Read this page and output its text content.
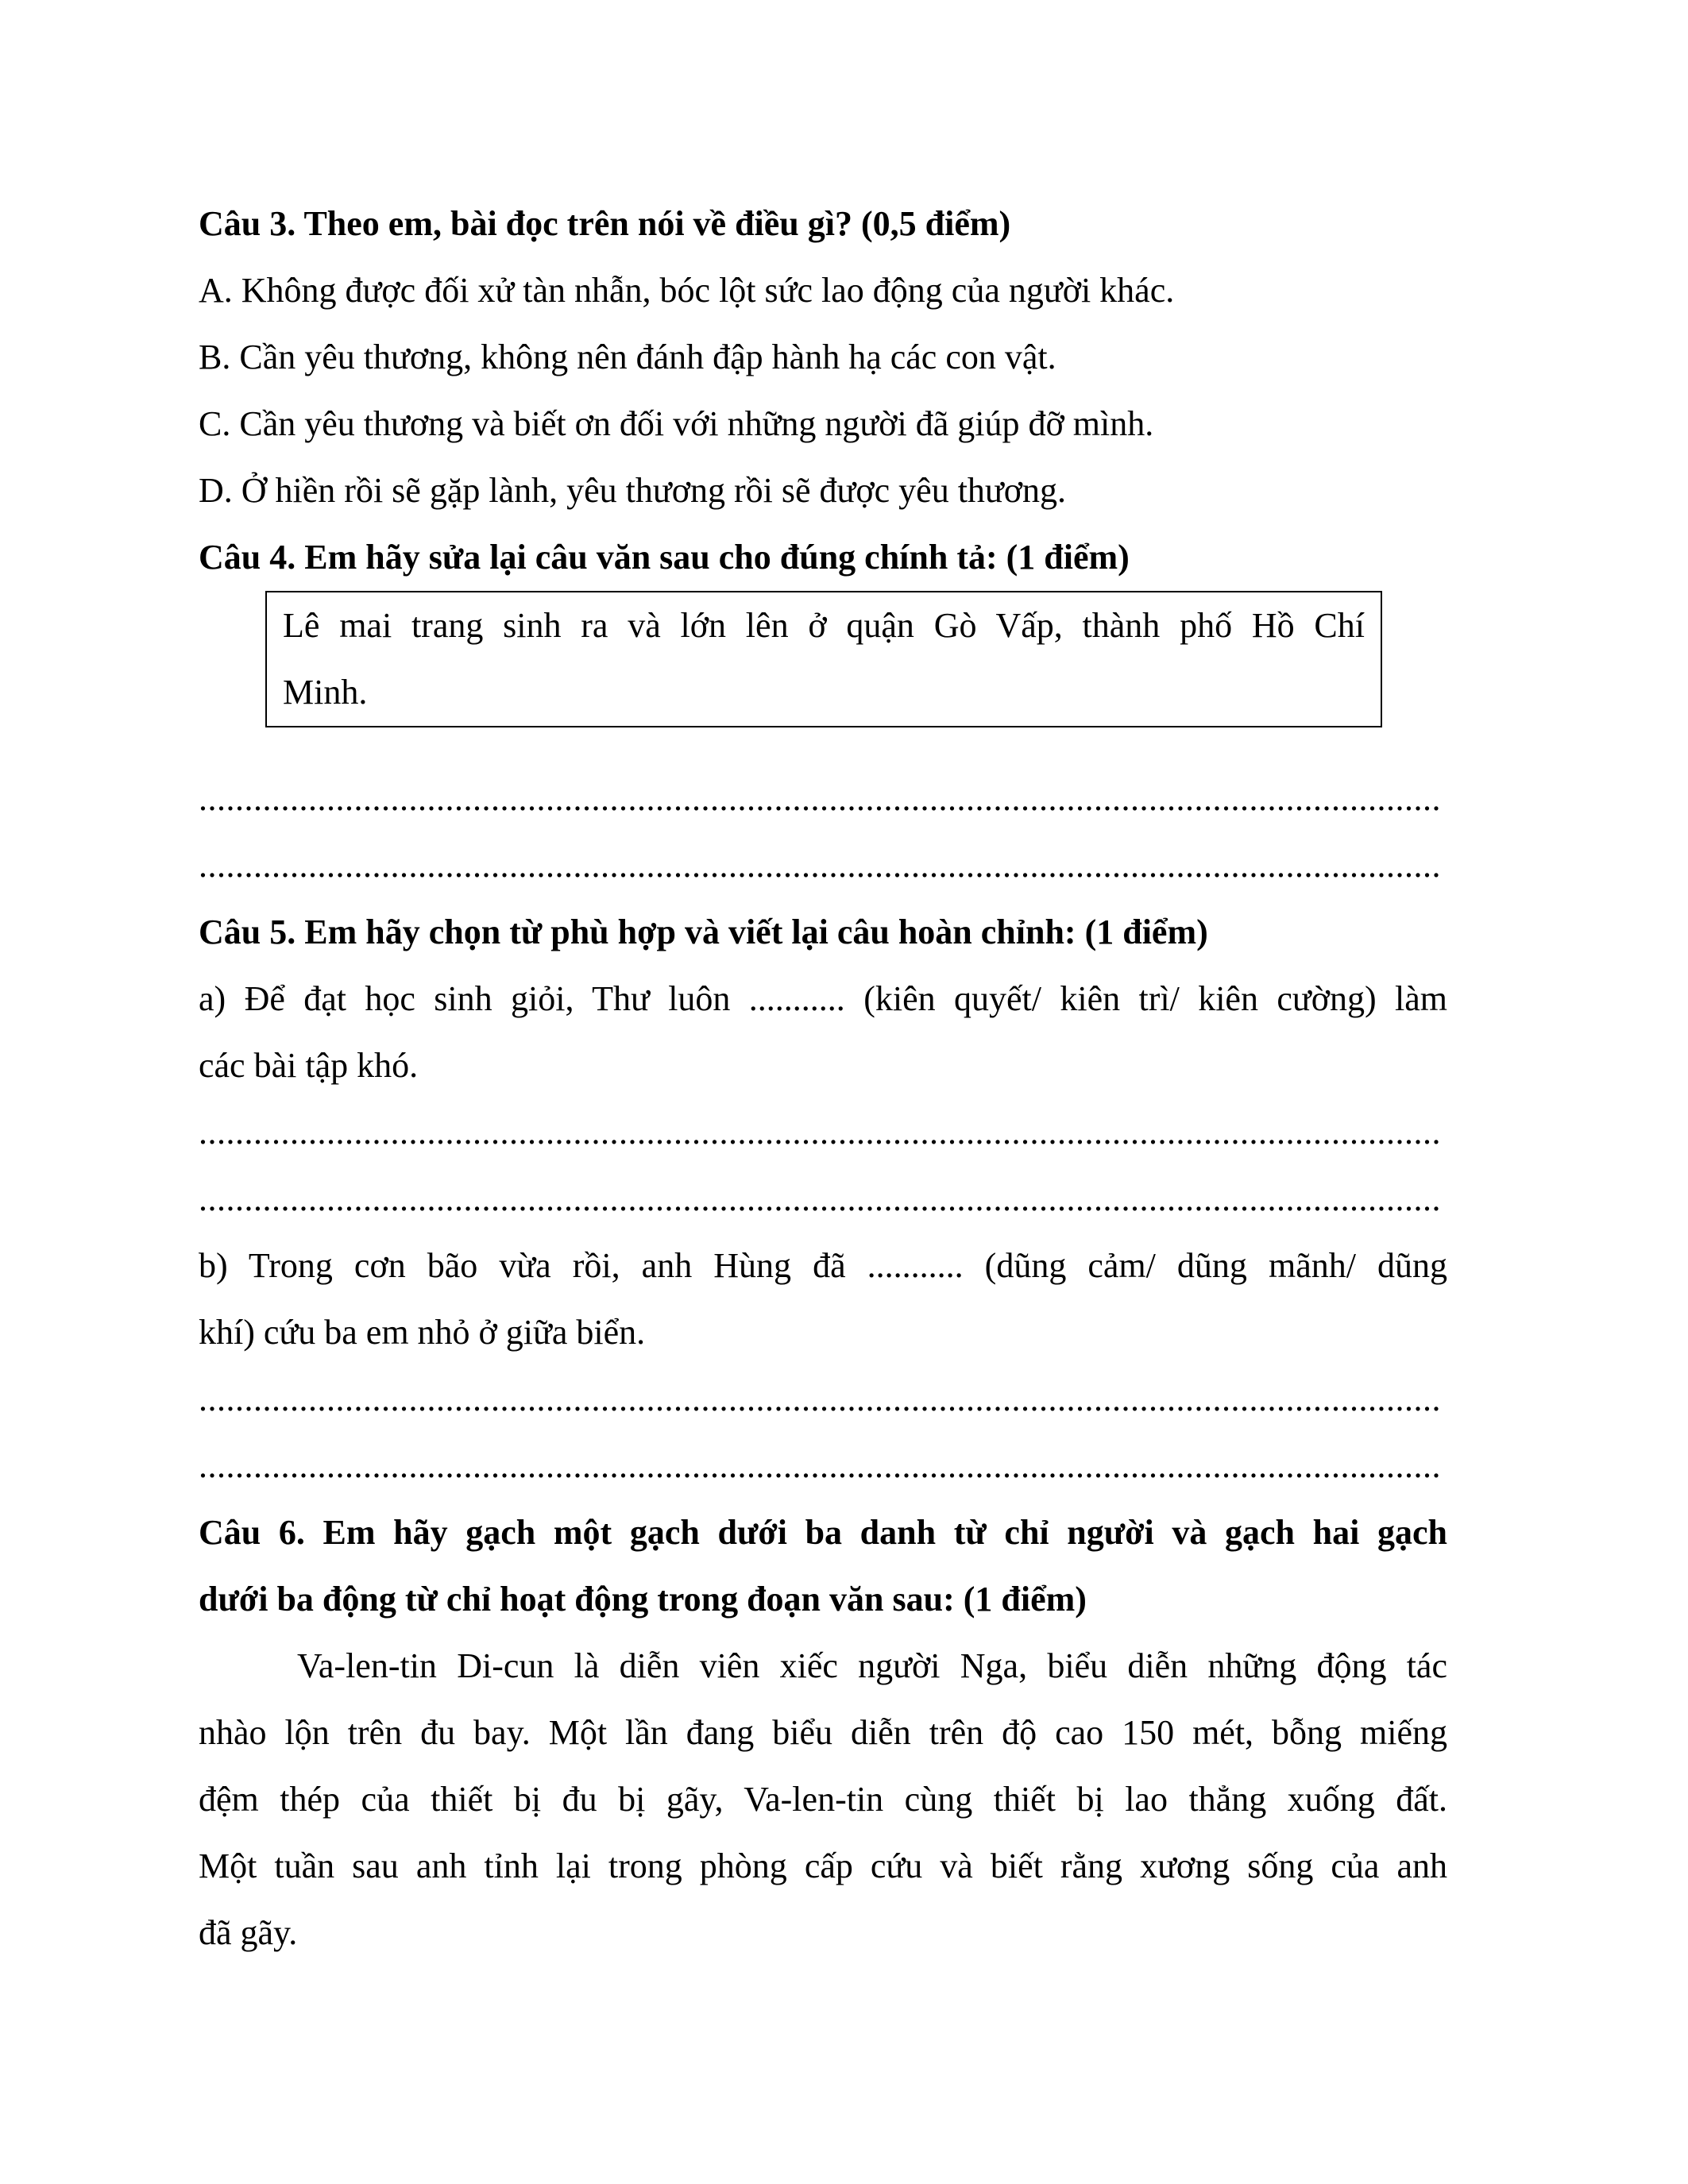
Câu 3. Theo em, bài đọc trên nói về điều gì? (0,5 điểm)
A. Không được đối xử tàn nhẫn, bóc lột sức lao động của người khác.
B. Cần yêu thương, không nên đánh đập hành hạ các con vật.
C. Cần yêu thương và biết ơn đối với những người đã giúp đỡ mình.
D. Ở hiền rồi sẽ gặp lành, yêu thương rồi sẽ được yêu thương.
Câu 4. Em hãy sửa lại câu văn sau cho đúng chính tả: (1 điểm)
Lê mai trang sinh ra và lớn lên ở quận Gò Vấp, thành phố Hồ Chí
Minh.
........................................................................................................................................
........................................................................................................................................
Câu 5. Em hãy chọn từ phù hợp và viết lại câu hoàn chỉnh: (1 điểm)
a) Để đạt học sinh giỏi, Thư luôn ........... (kiên quyết/ kiên trì/ kiên cường) làm
các bài tập khó.
........................................................................................................................................
........................................................................................................................................
b) Trong cơn bão vừa rồi, anh Hùng đã ........... (dũng cảm/ dũng mãnh/ dũng
khí) cứu ba em nhỏ ở giữa biển.
........................................................................................................................................
........................................................................................................................................
Câu 6. Em hãy gạch một gạch dưới ba danh từ chỉ người và gạch hai gạch
dưới ba động từ chỉ hoạt động trong đoạn văn sau: (1 điểm)
Va-len-tin Di-cun là diễn viên xiếc người Nga, biểu diễn những động tác
nhào lộn trên đu bay. Một lần đang biểu diễn trên độ cao 150 mét, bỗng miếng
đệm thép của thiết bị đu bị gãy, Va-len-tin cùng thiết bị lao thẳng xuống đất.
Một tuần sau anh tỉnh lại trong phòng cấp cứu và biết rằng xương sống của anh
đã gãy.
